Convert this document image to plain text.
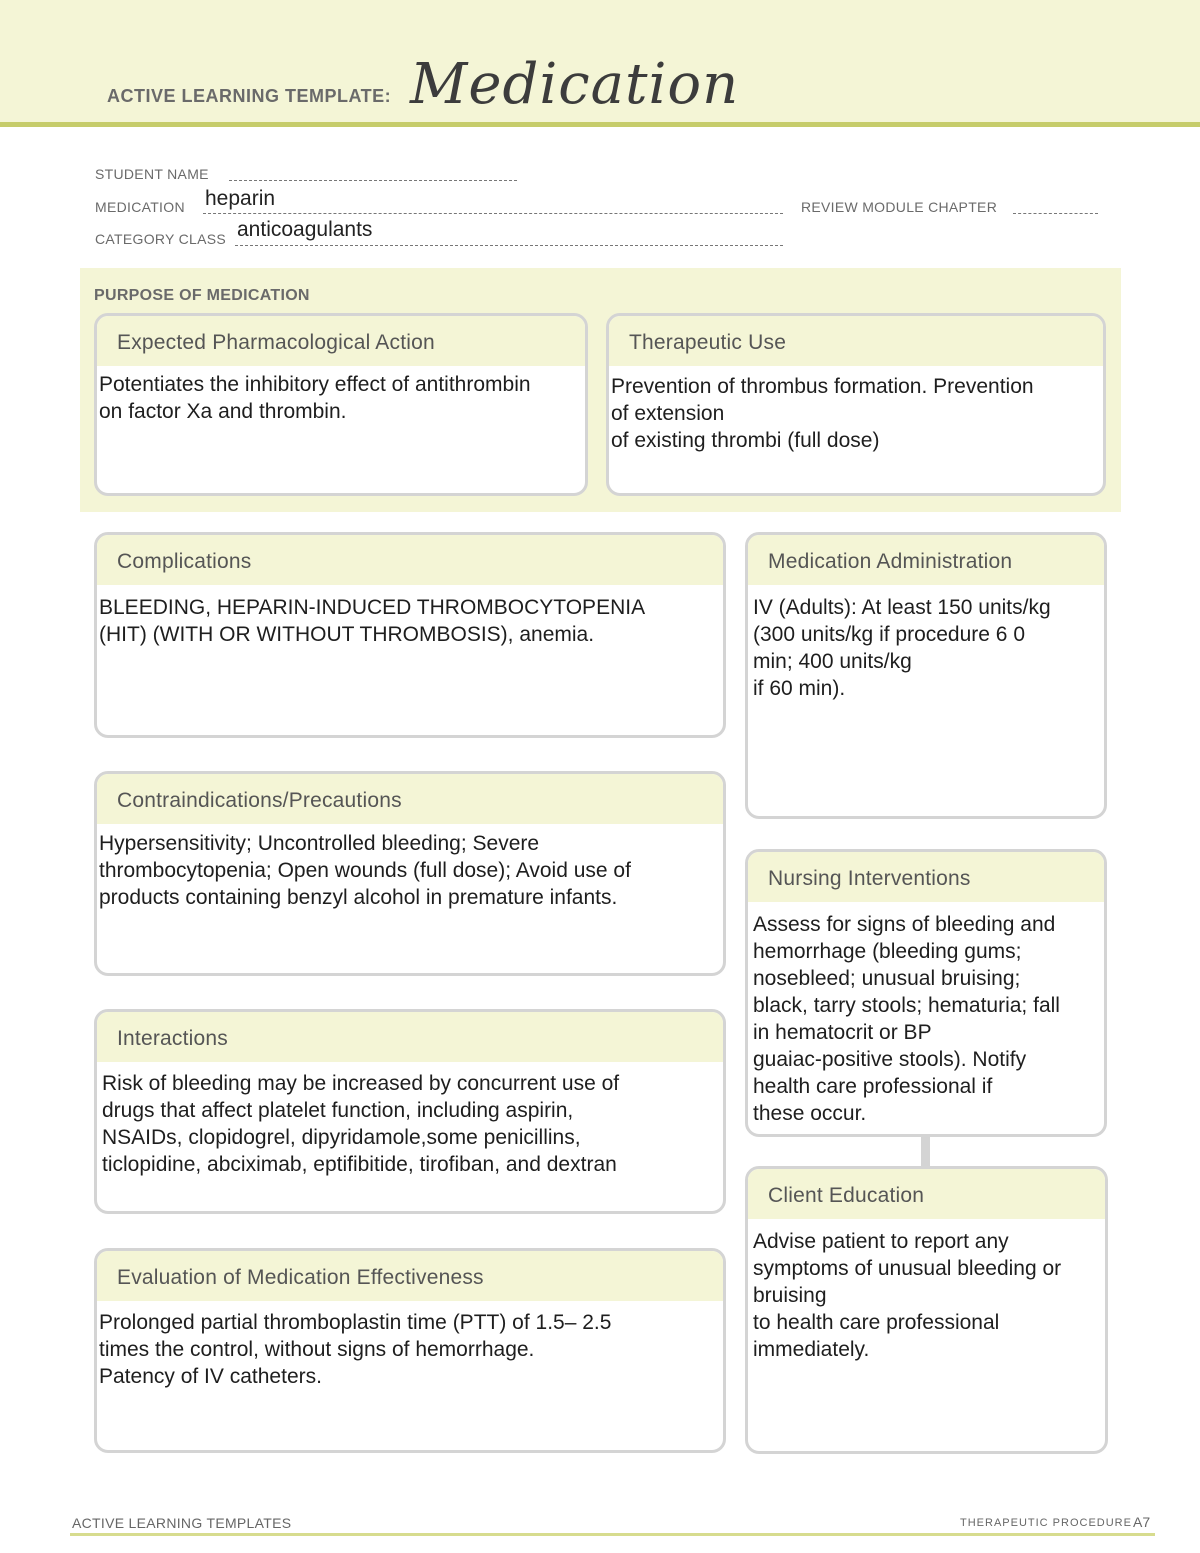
ACTIVE LEARNING TEMPLATE: Medication
STUDENT NAME
MEDICATION heparin	REVIEW MODULE CHAPTER
CATEGORY CLASS anticoagulants
PURPOSE OF MEDICATION
Expected Pharmacological Action
Potentiates the inhibitory effect of antithrombin
on factor Xa and thrombin.
Therapeutic Use
Prevention of thrombus formation. Prevention
of extension
of existing thrombi (full dose)
Complications
BLEEDING, HEPARIN-INDUCED THROMBOCYTOPENIA
(HIT) (WITH OR WITHOUT THROMBOSIS), anemia.
Contraindications/Precautions
Hypersensitivity; Uncontrolled bleeding; Severe
thrombocytopenia; Open wounds (full dose); Avoid use of
products containing benzyl alcohol in premature infants.
Interactions
Risk of bleeding may be increased by concurrent use of
drugs that affect platelet function, including aspirin,
NSAIDs, clopidogrel, dipyridamole,some penicillins,
ticlopidine, abciximab, eptifibitide, tirofiban, and dextran
Evaluation of Medication Effectiveness
Prolonged partial thromboplastin time (PTT) of 1.5– 2.5
times the control, without signs of hemorrhage.
Patency of IV catheters.
Medication Administration
IV (Adults): At least 150 units/kg
(300 units/kg if procedure 6 0
min; 400 units/kg
if 60 min).
Nursing Interventions
Assess for signs of bleeding and
hemorrhage (bleeding gums;
nosebleed; unusual bruising;
black, tarry stools; hematuria; fall
in hematocrit or BP
guaiac-positive stools). Notify
health care professional if
these occur.
Client Education
Advise patient to report any
symptoms of unusual bleeding or
bruising
to health care professional
immediately.
ACTIVE LEARNING TEMPLATES	THERAPEUTIC PROCEDURE A7
